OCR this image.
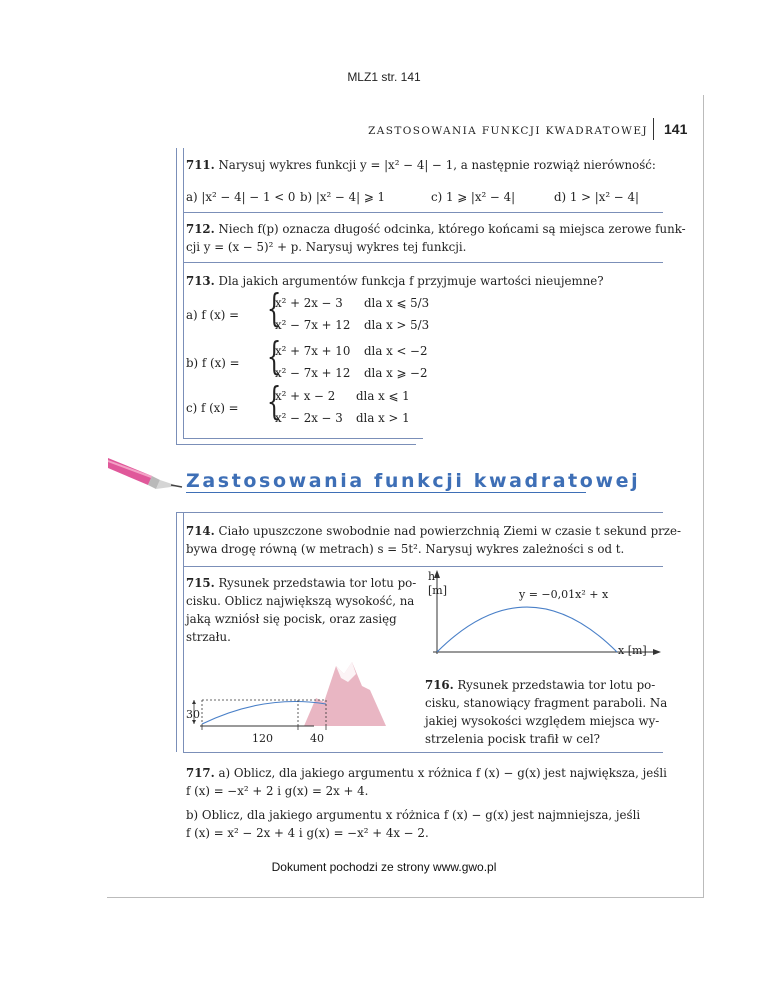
MLZ1 str. 141
ZASTOSOWANIA FUNKCJI KWADRATOWEJ 141
711. Narysuj wykres funkcji y = |x² − 4| − 1, a następnie rozwiąż nierówność:
a) |x² − 4| − 1 < 0 b) |x² − 4| ⩾ 1	c) 1 ⩾ |x² − 4|	d) 1 > |x² − 4|
712. Niech f(p) oznacza długość odcinka, którego końcami są miejsca zerowe funk-
cji y = (x − 5)² + p. Narysuj wykres tej funkcji.
713. Dla jakich argumentów funkcja f przyjmuje wartości nieujemne?
a) f (x) = {
x² + 2x − 3 dla x ⩽ 5/3
x² − 7x + 12 dla x > 5/3
b) f (x) = {
x² + 7x + 10 dla x < −2
x² − 7x + 12 dla x ⩾ −2
c) f (x) = {
x² + x − 2 dla x ⩽ 1
x² − 2x − 3 dla x > 1
Zastosowania funkcji kwadratowej
714. Ciało upuszczone swobodnie nad powierzchnią Ziemi w czasie t sekund prze-
bywa drogę równą (w metrach) s = 5t². Narysuj wykres zależności s od t.
715. Rysunek przedstawia tor lotu po-
cisku. Oblicz największą wysokość, na
jaką wzniósł się pocisk, oraz zasięg
strzału.
h
[m]	y = −0,01x² + x
x [m]
30
120	40
716. Rysunek przedstawia tor lotu po-
cisku, stanowiący fragment paraboli. Na
jakiej wysokości względem miejsca wy-
strzelenia pocisk trafił w cel?
717. a) Oblicz, dla jakiego argumentu x różnica f (x) − g(x) jest największa, jeśli
f (x) = −x² + 2 i g(x) = 2x + 4.
b) Oblicz, dla jakiego argumentu x różnica f (x) − g(x) jest najmniejsza, jeśli
f (x) = x² − 2x + 4 i g(x) = −x² + 4x − 2.
Dokument pochodzi ze strony www.gwo.pl
